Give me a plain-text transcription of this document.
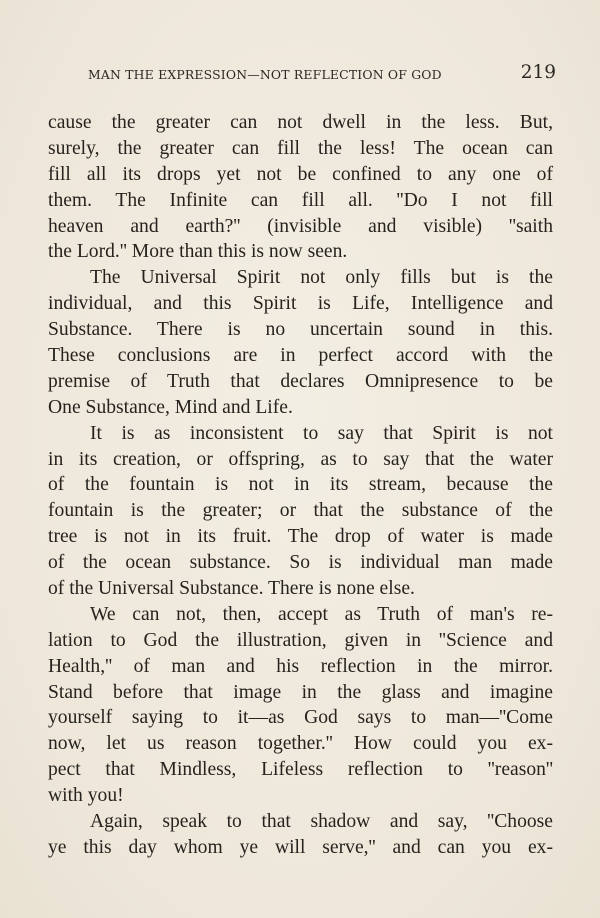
MAN THE EXPRESSION—NOT REFLECTION OF GOD	219
cause the greater can not dwell in the less. But,
surely, the greater can fill the less! The ocean can
fill all its drops yet not be confined to any one of
them. The Infinite can fill all. ''Do I not fill
heaven and earth?'' (invisible and visible) ''saith
the Lord.'' More than this is now seen.
The Universal Spirit not only fills but is the
individual, and this Spirit is Life, Intelligence and
Substance. There is no uncertain sound in this.
These conclusions are in perfect accord with the
premise of Truth that declares Omnipresence to be
One Substance, Mind and Life.
It is as inconsistent to say that Spirit is not
in its creation, or offspring, as to say that the water
of the fountain is not in its stream, because the
fountain is the greater; or that the substance of the
tree is not in its fruit. The drop of water is made
of the ocean substance. So is individual man made
of the Universal Substance. There is none else.
We can not, then, accept as Truth of man's re-
lation to God the illustration, given in ''Science and
Health,'' of man and his reflection in the mirror.
Stand before that image in the glass and imagine
yourself saying to it—as God says to man—''Come
now, let us reason together.'' How could you ex-
pect that Mindless, Lifeless reflection to ''reason''
with you!
Again, speak to that shadow and say, ''Choose
ye this day whom ye will serve,'' and can you ex-
